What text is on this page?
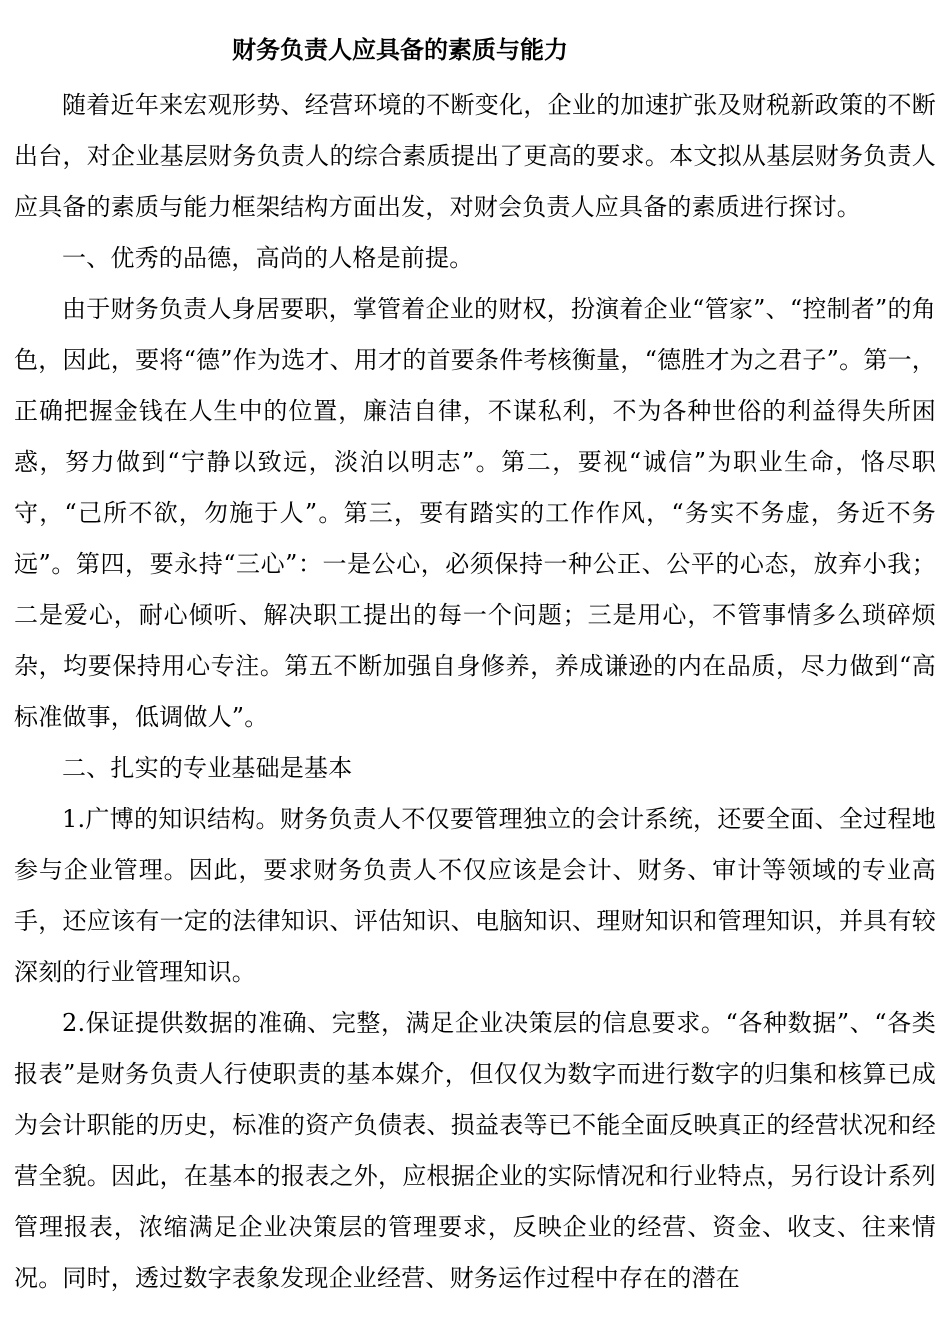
财务负责人应具备的素质与能力

随着近年来宏观形势、经营环境的不断变化，企业的加速扩张及财税新政策的不断出台，对企业基层财务负责人的综合素质提出了更高的要求。本文拟从基层财务负责人应具备的素质与能力框架结构方面出发，对财会负责人应具备的素质进行探讨。

一、优秀的品德，高尚的人格是前提。

由于财务负责人身居要职，掌管着企业的财权，扮演着企业“管家”、“控制者”的角色，因此，要将“德”作为选才、用才的首要条件考核衡量，“德胜才为之君子”。第一，正确把握金钱在人生中的位置，廉洁自律，不谋私利，不为各种世俗的利益得失所困惑，努力做到“宁静以致远，淡泊以明志”。第二，要视“诚信”为职业生命，恪尽职守，“己所不欲，勿施于人”。第三，要有踏实的工作作风，“务实不务虚，务近不务远”。第四，要永持“三心”：一是公心，必须保持一种公正、公平的心态，放弃小我；二是爱心，耐心倾听、解决职工提出的每一个问题；三是用心，不管事情多么琐碎烦杂，均要保持用心专注。第五不断加强自身修养，养成谦逊的内在品质，尽力做到“高标准做事，低调做人”。

二、扎实的专业基础是基本

1.广博的知识结构。财务负责人不仅要管理独立的会计系统，还要全面、全过程地参与企业管理。因此，要求财务负责人不仅应该是会计、财务、审计等领域的专业高手，还应该有一定的法律知识、评估知识、电脑知识、理财知识和管理知识，并具有较深刻的行业管理知识。

2.保证提供数据的准确、完整，满足企业决策层的信息要求。“各种数据”、“各类报表”是财务负责人行使职责的基本媒介，但仅仅为数字而进行数字的归集和核算已成为会计职能的历史，标准的资产负债表、损益表等已不能全面反映真正的经营状况和经营全貌。因此，在基本的报表之外，应根据企业的实际情况和行业特点，另行设计系列管理报表，浓缩满足企业决策层的管理要求，反映企业的经营、资金、收支、往来情况。同时，透过数字表象发现企业经营、财务运作过程中存在的潜在
